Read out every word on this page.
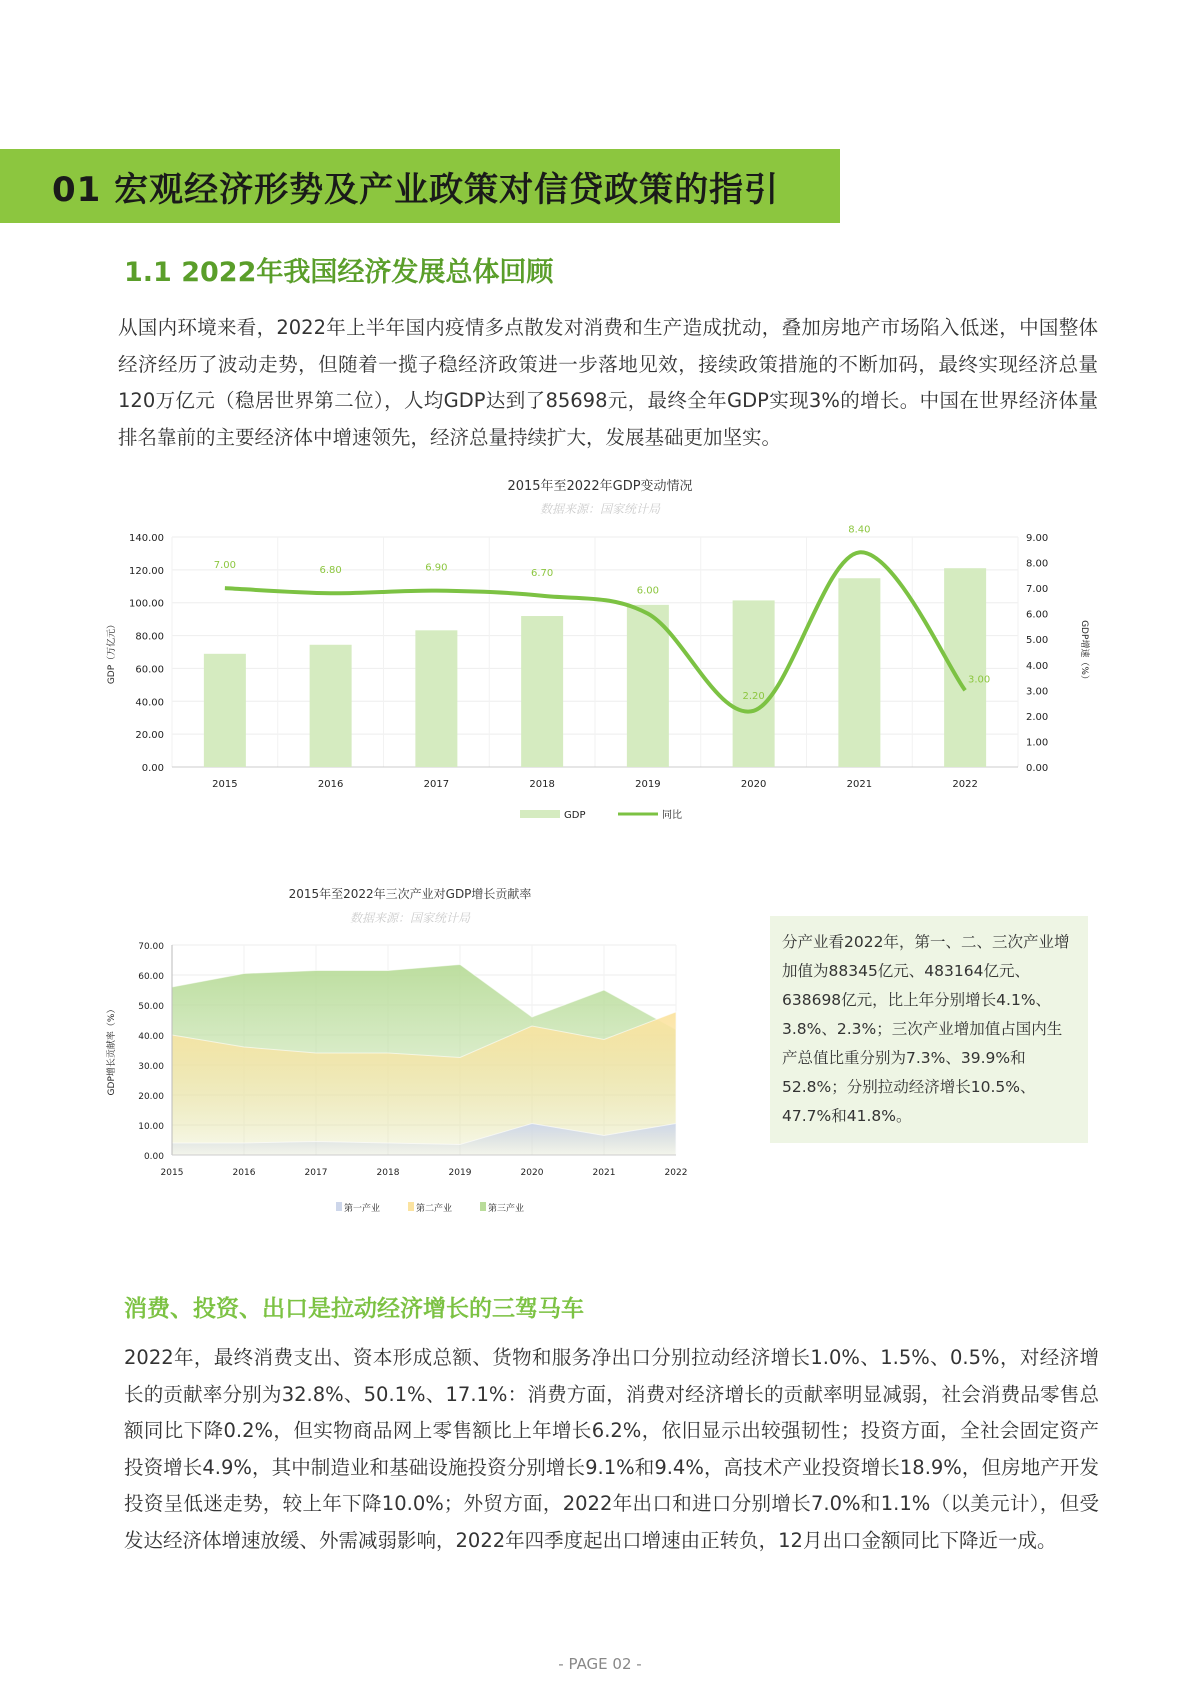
01 宏观经济形势及产业政策对信贷政策的指引
1.1 2022年我国经济发展总体回顾
从国内环境来看，2022年上半年国内疫情多点散发对消费和生产造成扰动，叠加房地产市场陷入低迷，中国整体经济经历了波动走势，但随着一揽子稳经济政策进一步落地见效，接续政策措施的不断加码，最终实现经济总量120万亿元（稳居世界第二位），人均GDP达到了85698元，最终全年GDP实现3%的增长。中国在世界经济体量排名靠前的主要经济体中增速领先，经济总量持续扩大，发展基础更加坚实。
2015年至2022年GDP变动情况
数据来源：国家统计局
0.00
20.00
40.00
60.00
80.00
100.00
120.00
140.00
0.00
1.00
2.00
3.00
4.00
5.00
6.00
7.00
8.00
9.00
2015	2016	2017	2018	2019	2020	2021	2022
7.00	6.80	6.90	6.70
6.00
2.20
8.40
3.00
GDP（万亿元）	GDP增速（%）
GDP	同比
2015年至2022年三次产业对GDP增长贡献率
数据来源：国家统计局
0.00
10.00
20.00
30.00
40.00
50.00
60.00
70.00
2015	2016	2017	2018	2019	2020	2021	2022
GDP增长贡献率（%）
第一产业	第二产业	第三产业
分产业看2022年，第一、二、三次产业增加值为88345亿元、483164亿元、638698亿元，比上年分别增长4.1%、3.8%、2.3%；三次产业增加值占国内生产总值比重分别为7.3%、39.9%和52.8%；分别拉动经济增长10.5%、47.7%和41.8%。
消费、投资、出口是拉动经济增长的三驾马车
2022年，最终消费支出、资本形成总额、货物和服务净出口分别拉动经济增长1.0%、1.5%、0.5%，对经济增长的贡献率分别为32.8%、50.1%、17.1%：消费方面，消费对经济增长的贡献率明显减弱，社会消费品零售总额同比下降0.2%，但实物商品网上零售额比上年增长6.2%，依旧显示出较强韧性；投资方面，全社会固定资产投资增长4.9%，其中制造业和基础设施投资分别增长9.1%和9.4%，高技术产业投资增长18.9%，但房地产开发投资呈低迷走势，较上年下降10.0%；外贸方面，2022年出口和进口分别增长7.0%和1.1%（以美元计），但受发达经济体增速放缓、外需减弱影响，2022年四季度起出口增速由正转负，12月出口金额同比下降近一成。
- PAGE 02 -
